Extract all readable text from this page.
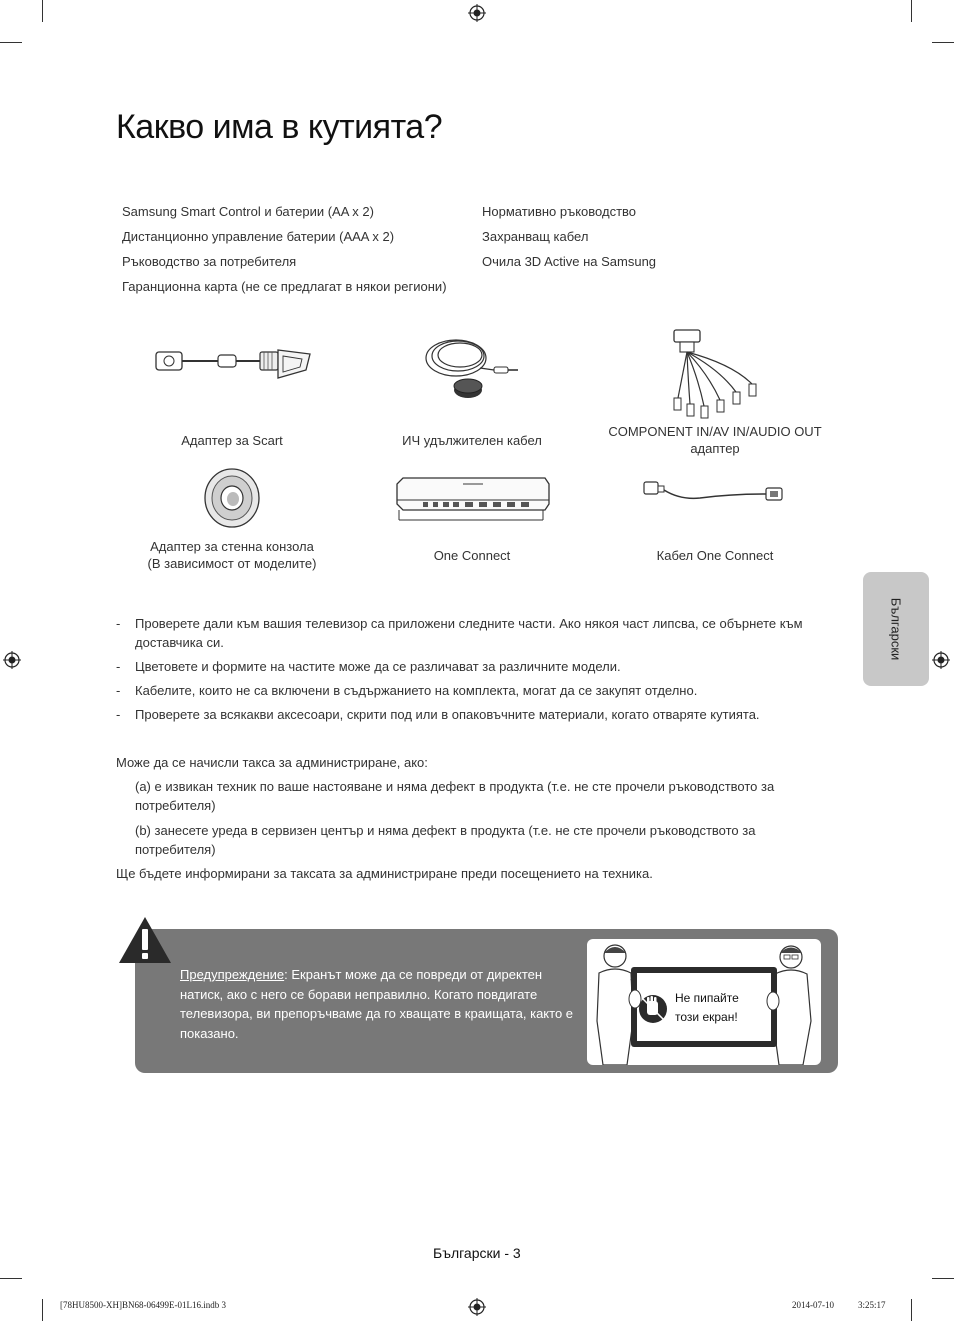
Какво има в кутията?
Samsung Smart Control и батерии (AA x 2)
Дистанционно управление батерии (AAA x 2)
Ръководство за потребителя
Гаранционна карта (не се предлагат в някои региони)
Нормативно ръководство
Захранващ кабел
Очила 3D Active на Samsung
Адаптер за Scart	ИЧ удължителен кабел
COMPONENT IN/AV IN/AUDIO OUT
адаптер
Адаптер за стенна конзола
(В зависимост от моделите)
One Connect	Кабел One Connect
- Проверете дали към вашия телевизор са приложени следните части. Ако някоя част липсва, се обърнете към доставчика си.
- Цветовете и формите на частите може да се различават за различните модели.
- Кабелите, които не са включени в съдържанието на комплекта, могат да се закупят отделно.
- Проверете за всякакви аксесоари, скрити под или в опаковъчните материали, когато отваряте кутията.
Български
Може да се начисли такса за администриране, ако:
(a) е извикан техник по ваше настояване и няма дефект в продукта (т.е. не сте прочели ръководството за потребителя)
(b) занесете уреда в сервизен център и няма дефект в продукта (т.е. не сте прочели ръководството за потребителя)
Ще бъдете информирани за таксата за администриране преди посещението на техника.
Предупреждение: Екранът може да се повреди от директен натиск, ако с него се борави неправилно. Когато повдигате телевизора, ви препоръчваме да го хващате в краищата, както е показано.
Не пипайте
този екран!
Български - 3
[78HU8500-XH]BN68-06499E-01L16.indb 3	2014-07-10	3:25:17
